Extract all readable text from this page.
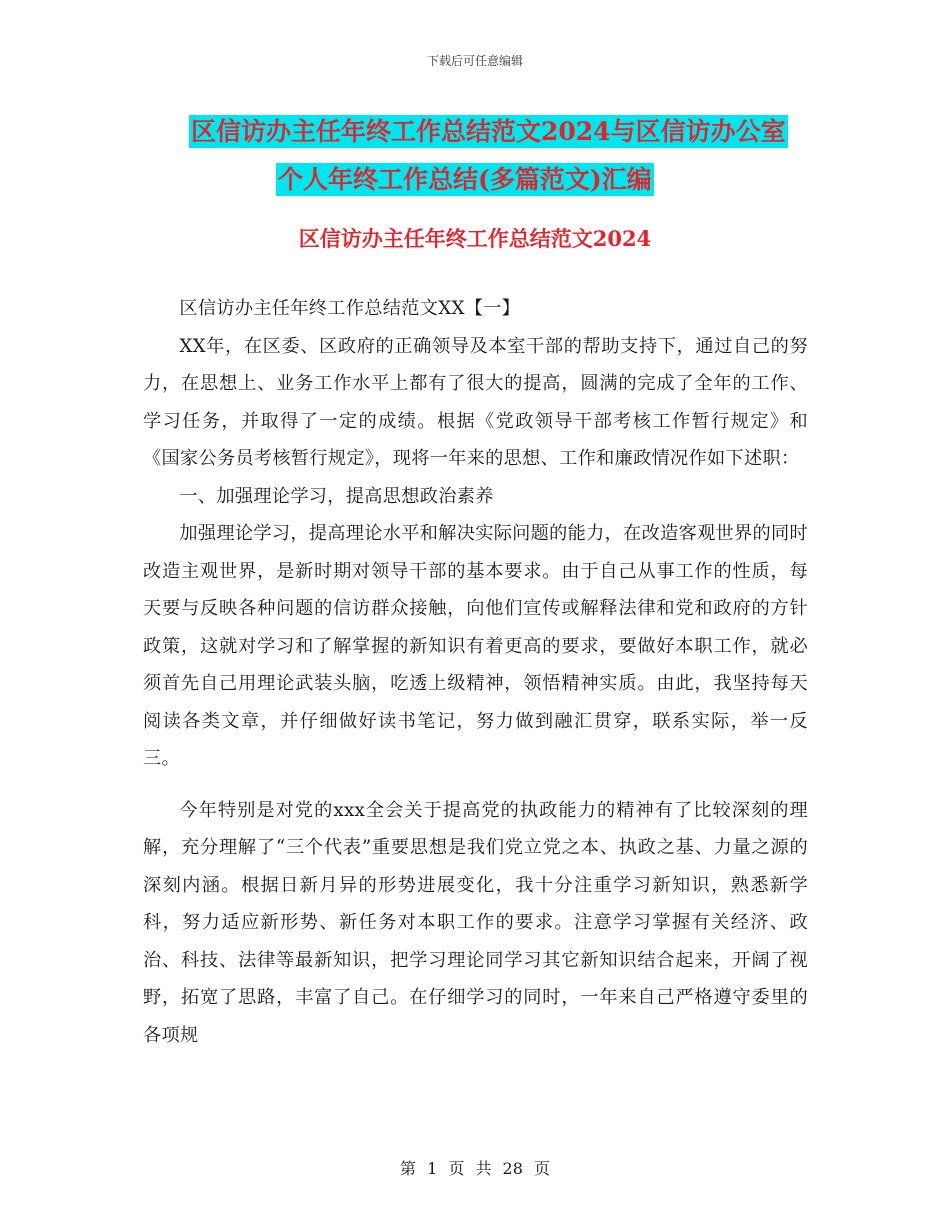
下载后可任意编辑
区信访办主任年终工作总结范文2024与区信访办公室
个人年终工作总结(多篇范文)汇编
区信访办主任年终工作总结范文2024

区信访办主任年终工作总结范文XX【一】

XX年，在区委、区政府的正确领导及本室干部的帮助支持下，通过自己的努力，在思想上、业务工作水平上都有了很大的提高，圆满的完成了全年的工作、学习任务，并取得了一定的成绩。根据《党政领导干部考核工作暂行规定》和《国家公务员考核暂行规定》，现将一年来的思想、工作和廉政情况作如下述职：

一、加强理论学习，提高思想政治素养

加强理论学习，提高理论水平和解决实际问题的能力，在改造客观世界的同时改造主观世界，是新时期对领导干部的基本要求。由于自己从事工作的性质，每天要与反映各种问题的信访群众接触，向他们宣传或解释法律和党和政府的方针政策，这就对学习和了解掌握的新知识有着更高的要求，要做好本职工作，就必须首先自己用理论武装头脑，吃透上级精神，领悟精神实质。由此，我坚持每天阅读各类文章，并仔细做好读书笔记，努力做到融汇贯穿，联系实际，举一反三。

今年特别是对党的xxx全会关于提高党的执政能力的精神有了比较深刻的理解，充分理解了“三个代表”重要思想是我们党立党之本、执政之基、力量之源的深刻内涵。根据日新月异的形势进展变化，我十分注重学习新知识，熟悉新学科，努力适应新形势、新任务对本职工作的要求。注意学习掌握有关经济、政治、科技、法律等最新知识，把学习理论同学习其它新知识结合起来，开阔了视野，拓宽了思路，丰富了自己。在仔细学习的同时，一年来自己严格遵守委里的各项规

第 1 页 共 28 页
